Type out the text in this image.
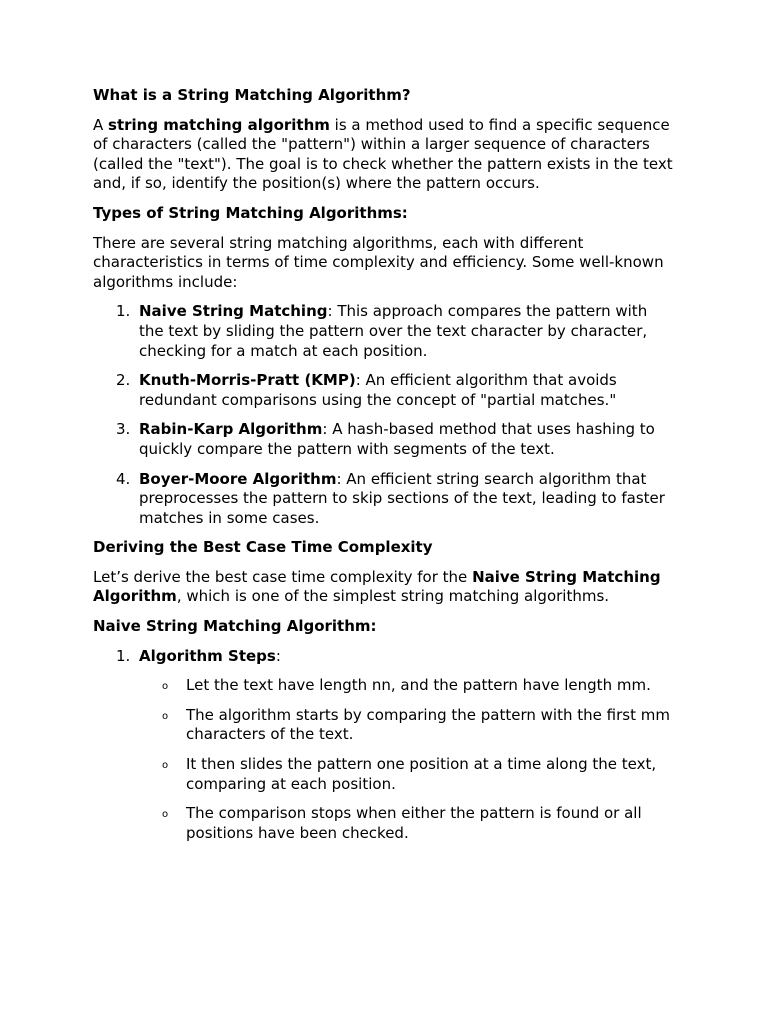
What is a String Matching Algorithm?

A string matching algorithm is a method used to find a specific sequence of characters (called the "pattern") within a larger sequence of characters (called the "text"). The goal is to check whether the pattern exists in the text and, if so, identify the position(s) where the pattern occurs.

Types of String Matching Algorithms:

There are several string matching algorithms, each with different characteristics in terms of time complexity and efficiency. Some well-known algorithms include:

1. Naive String Matching: This approach compares the pattern with the text by sliding the pattern over the text character by character, checking for a match at each position.
2. Knuth-Morris-Pratt (KMP): An efficient algorithm that avoids redundant comparisons using the concept of "partial matches."
3. Rabin-Karp Algorithm: A hash-based method that uses hashing to quickly compare the pattern with segments of the text.
4. Boyer-Moore Algorithm: An efficient string search algorithm that preprocesses the pattern to skip sections of the text, leading to faster matches in some cases.

Deriving the Best Case Time Complexity

Let’s derive the best case time complexity for the Naive String Matching Algorithm, which is one of the simplest string matching algorithms.

Naive String Matching Algorithm:

1. Algorithm Steps:
o Let the text have length nn, and the pattern have length mm.
o The algorithm starts by comparing the pattern with the first mm characters of the text.
o It then slides the pattern one position at a time along the text, comparing at each position.
o The comparison stops when either the pattern is found or all positions have been checked.
